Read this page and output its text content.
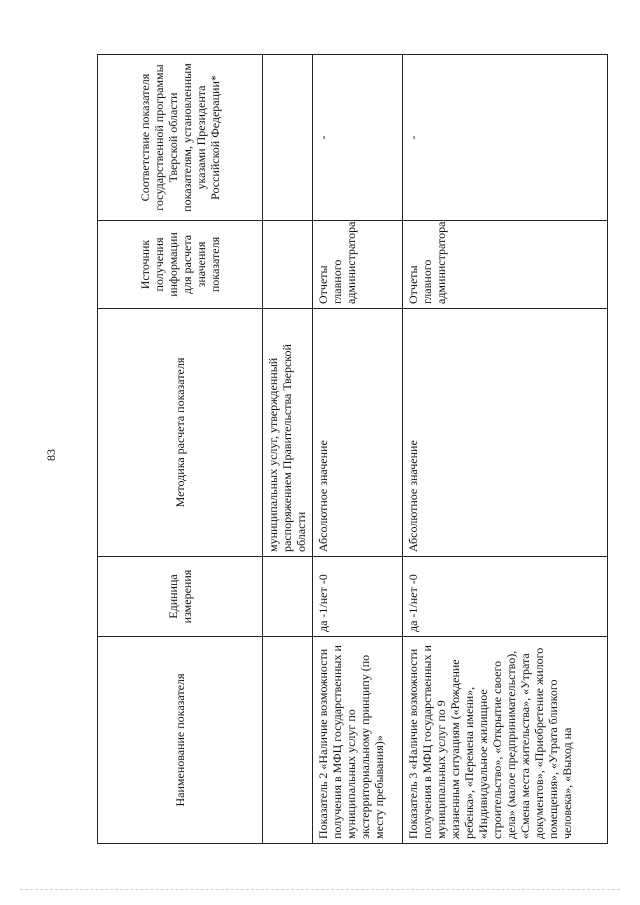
83
Наименование показателя	Единица измерения	Методика расчета показателя	Источник получения информации для расчета значения показателя	Соответствие показателя государственной программы Тверской области показателям, установленным указами Президента Российской Федерации*
		муниципальных услуг, утвержденный распоряжением Правительства Тверской области		
Показатель 2 «Наличие возможности получения в МФЦ государственных и муниципальных услуг по экстерриториальному принципу (по месту пребывания)»	да -1/нет -0	Абсолютное значение	Отчеты главного администратора	-
Показатель 3 «Наличие возможности получения в МФЦ государственных и муниципальных услуг по 9 жизненным ситуациям («Рождение ребенка», «Перемена имени», «Индивидуальное жилищное строительство», «Открытие своего дела» (малое предпринимательство), «Смена места жительства», «Утрата документов», «Приобретение жилого помещения», «Утрата близкого человека», «Выход на	да -1/нет -0	Абсолютное значение	Отчеты главного администратора	-
